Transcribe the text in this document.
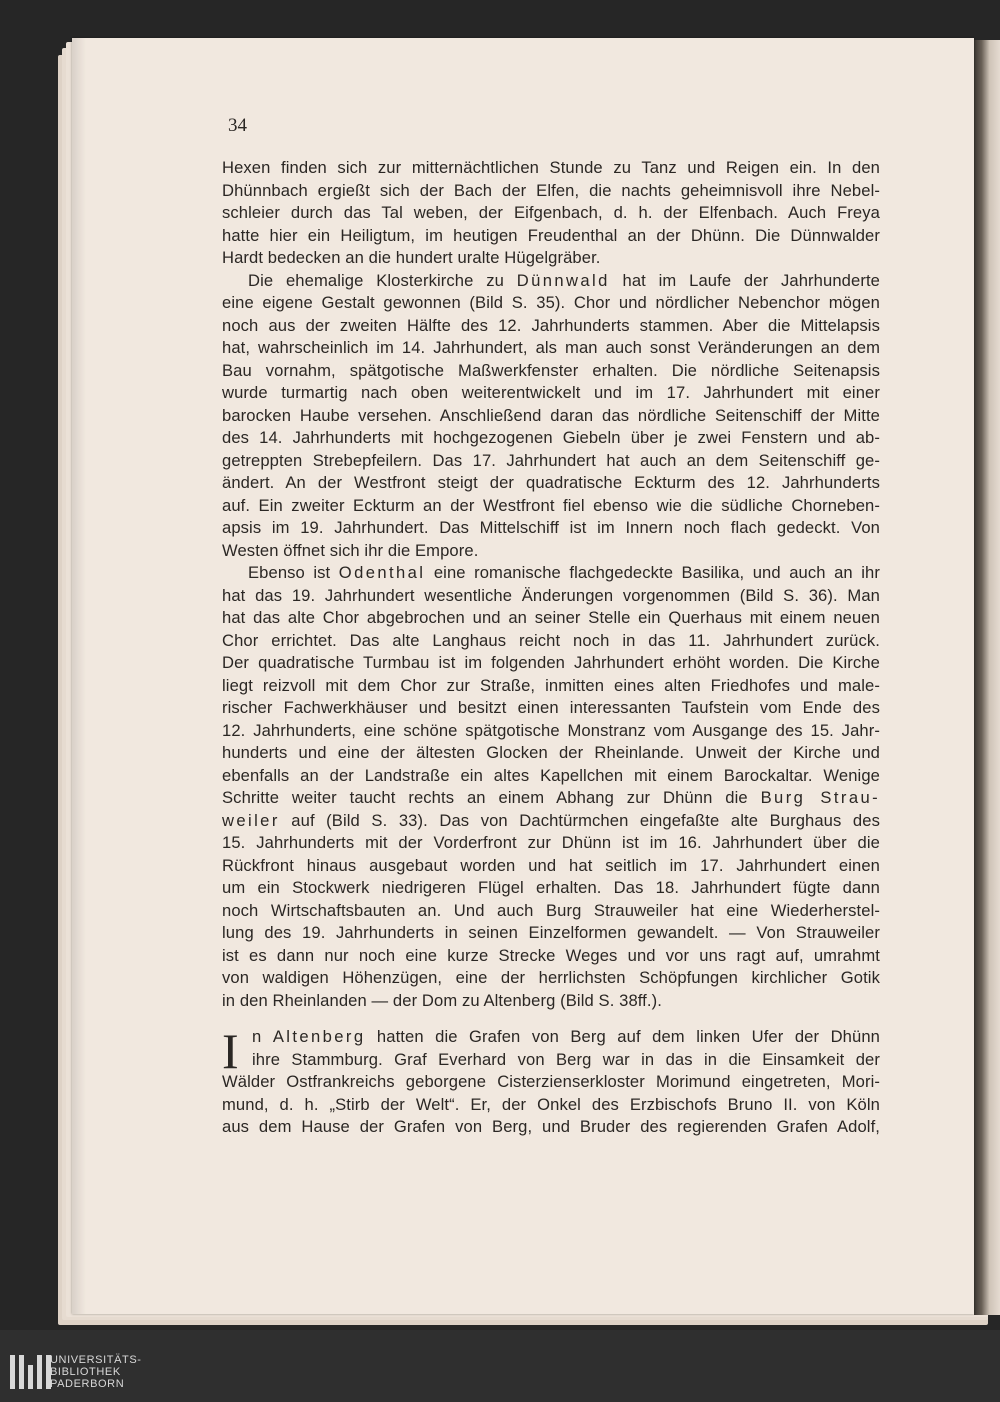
34
Hexen finden sich zur mitternächtlichen Stunde zu Tanz und Reigen ein. In den
Dhünnbach ergießt sich der Bach der Elfen, die nachts geheimnisvoll ihre Nebel-
schleier durch das Tal weben, der Eifgenbach, d. h. der Elfenbach. Auch Freya
hatte hier ein Heiligtum, im heutigen Freudenthal an der Dhünn. Die Dünnwalder
Hardt bedecken an die hundert uralte Hügelgräber.
Die ehemalige Klosterkirche zu Dünnwald hat im Laufe der Jahrhunderte
eine eigene Gestalt gewonnen (Bild S. 35). Chor und nördlicher Nebenchor mögen
noch aus der zweiten Hälfte des 12. Jahrhunderts stammen. Aber die Mittelapsis
hat, wahrscheinlich im 14. Jahrhundert, als man auch sonst Veränderungen an dem
Bau vornahm, spätgotische Maßwerkfenster erhalten. Die nördliche Seitenapsis
wurde turmartig nach oben weiterentwickelt und im 17. Jahrhundert mit einer
barocken Haube versehen. Anschließend daran das nördliche Seitenschiff der Mitte
des 14. Jahrhunderts mit hochgezogenen Giebeln über je zwei Fenstern und ab-
getreppten Strebepfeilern. Das 17. Jahrhundert hat auch an dem Seitenschiff ge-
ändert. An der Westfront steigt der quadratische Eckturm des 12. Jahrhunderts
auf. Ein zweiter Eckturm an der Westfront fiel ebenso wie die südliche Chorneben-
apsis im 19. Jahrhundert. Das Mittelschiff ist im Innern noch flach gedeckt. Von
Westen öffnet sich ihr die Empore.
Ebenso ist Odenthal eine romanische flachgedeckte Basilika, und auch an ihr
hat das 19. Jahrhundert wesentliche Änderungen vorgenommen (Bild S. 36). Man
hat das alte Chor abgebrochen und an seiner Stelle ein Querhaus mit einem neuen
Chor errichtet. Das alte Langhaus reicht noch in das 11. Jahrhundert zurück.
Der quadratische Turmbau ist im folgenden Jahrhundert erhöht worden. Die Kirche
liegt reizvoll mit dem Chor zur Straße, inmitten eines alten Friedhofes und male-
rischer Fachwerkhäuser und besitzt einen interessanten Taufstein vom Ende des
12. Jahrhunderts, eine schöne spätgotische Monstranz vom Ausgange des 15. Jahr-
hunderts und eine der ältesten Glocken der Rheinlande. Unweit der Kirche und
ebenfalls an der Landstraße ein altes Kapellchen mit einem Barockaltar. Wenige
Schritte weiter taucht rechts an einem Abhang zur Dhünn die Burg Strau-
weiler auf (Bild S. 33). Das von Dachtürmchen eingefaßte alte Burghaus des
15. Jahrhunderts mit der Vorderfront zur Dhünn ist im 16. Jahrhundert über die
Rückfront hinaus ausgebaut worden und hat seitlich im 17. Jahrhundert einen
um ein Stockwerk niedrigeren Flügel erhalten. Das 18. Jahrhundert fügte dann
noch Wirtschaftsbauten an. Und auch Burg Strauweiler hat eine Wiederherstel-
lung des 19. Jahrhunderts in seinen Einzelformen gewandelt. — Von Strauweiler
ist es dann nur noch eine kurze Strecke Weges und vor uns ragt auf, umrahmt
von waldigen Höhenzügen, eine der herrlichsten Schöpfungen kirchlicher Gotik
in den Rheinlanden — der Dom zu Altenberg (Bild S. 38ff.).
I n Altenberg hatten die Grafen von Berg auf dem linken Ufer der Dhünn
ihre Stammburg. Graf Everhard von Berg war in das in die Einsamkeit der
Wälder Ostfrankreichs geborgene Cisterzienserkloster Morimund eingetreten, Mori-
mund, d. h. „Stirb der Welt“. Er, der Onkel des Erzbischofs Bruno II. von Köln
aus dem Hause der Grafen von Berg, und Bruder des regierenden Grafen Adolf,
UNIVERSITÄTS-
BIBLIOTHEK
PADERBORN
